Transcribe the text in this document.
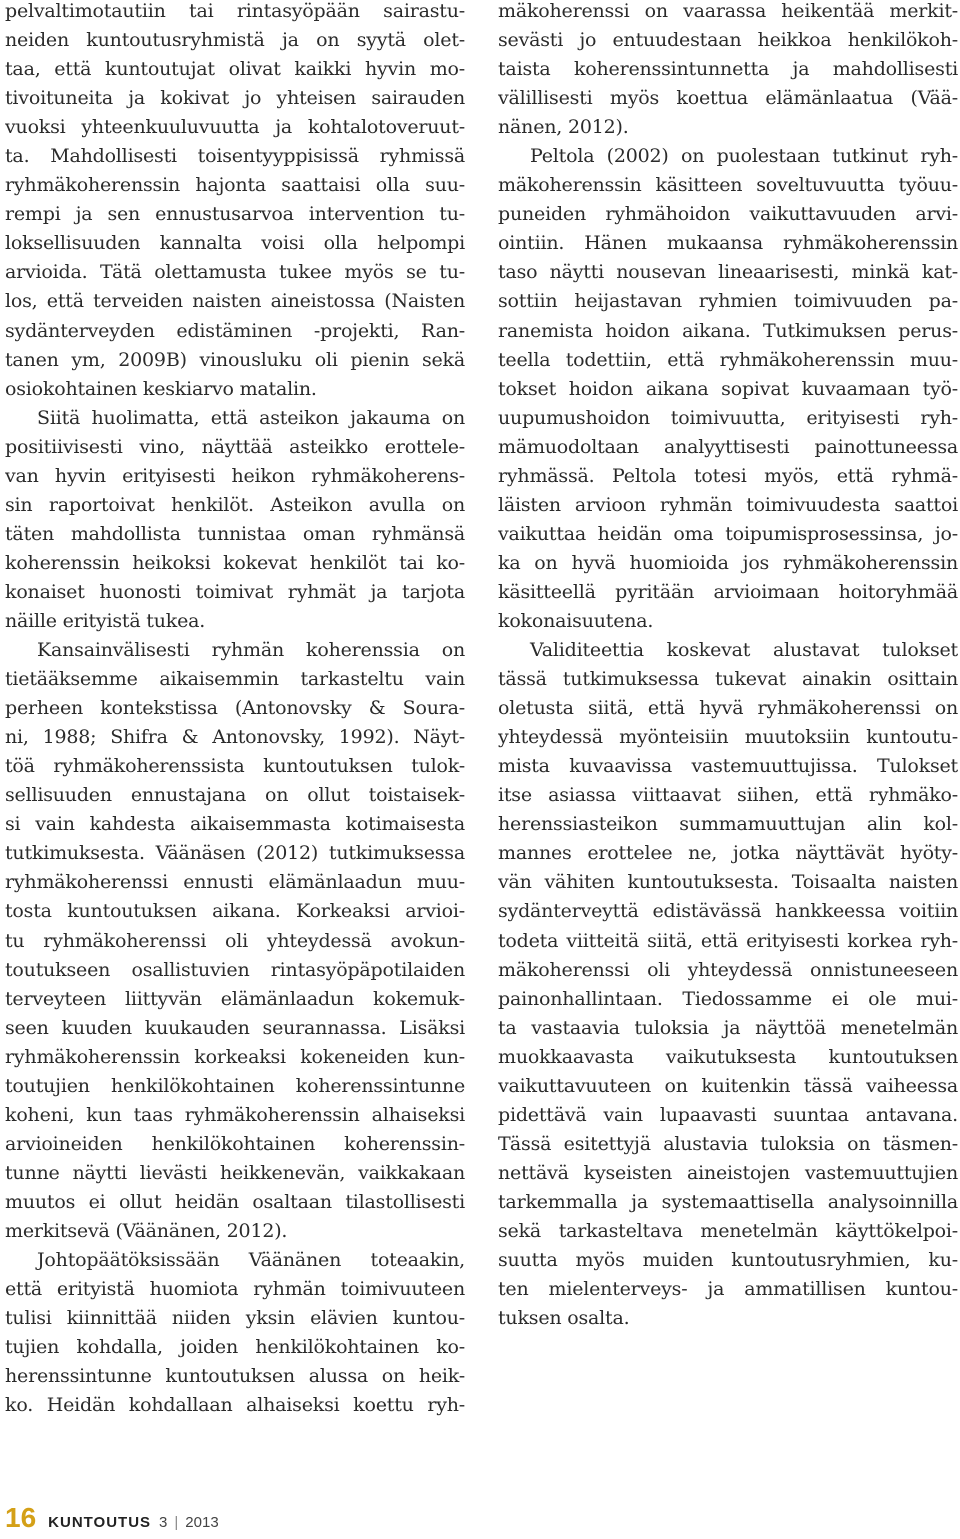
pelvaltimotautiin tai rintasyöpään sairastu-
neiden kuntoutusryhmistä ja on syytä olet-
taa, että kuntoutujat olivat kaikki hyvin mo-
tivoituneita ja kokivat jo yhteisen sairauden
vuoksi yhteenkuuluvuutta ja kohtalotoveruut-
ta. Mahdollisesti toisentyyppisissä ryhmissä
ryhmäkoherenssin hajonta saattaisi olla suu-
rempi ja sen ennustusarvoa intervention tu-
loksellisuuden kannalta voisi olla helpompi
arvioida. Tätä olettamusta tukee myös se tu-
los, että terveiden naisten aineistossa (Naisten
sydänterveyden edistäminen -projekti, Ran-
tanen ym, 2009B) vinousluku oli pienin sekä
osiokohtainen keskiarvo matalin.
Siitä huolimatta, että asteikon jakauma on
positiivisesti vino, näyttää asteikko erottele-
van hyvin erityisesti heikon ryhmäkoherens-
sin raportoivat henkilöt. Asteikon avulla on
täten mahdollista tunnistaa oman ryhmänsä
koherenssin heikoksi kokevat henkilöt tai ko-
konaiset huonosti toimivat ryhmät ja tarjota
näille erityistä tukea.
Kansainvälisesti ryhmän koherenssia on
tietääksemme aikaisemmin tarkasteltu vain
perheen kontekstissa (Antonovsky & Soura-
ni, 1988; Shifra & Antonovsky, 1992). Näyt-
töä ryhmäkoherenssista kuntoutuksen tulok-
sellisuuden ennustajana on ollut toistaisek-
si vain kahdesta aikaisemmasta kotimaisesta
tutkimuksesta. Väänäsen (2012) tutkimuksessa
ryhmäkoherenssi ennusti elämänlaadun muu-
tosta kuntoutuksen aikana. Korkeaksi arvioi-
tu ryhmäkoherenssi oli yhteydessä avokun-
toutukseen osallistuvien rintasyöpäpotilaiden
terveyteen liittyvän elämänlaadun kokemuk-
seen kuuden kuukauden seurannassa. Lisäksi
ryhmäkoherenssin korkeaksi kokeneiden kun-
toutujien henkilökohtainen koherenssintunne
koheni, kun taas ryhmäkoherenssin alhaiseksi
arvioineiden henkilökohtainen koherenssin-
tunne näytti lievästi heikkenevän, vaikkakaan
muutos ei ollut heidän osaltaan tilastollisesti
merkitsevä (Väänänen, 2012).
Johtopäätöksissään Väänänen toteaakin,
että erityistä huomiota ryhmän toimivuuteen
tulisi kiinnittää niiden yksin elävien kuntou-
tujien kohdalla, joiden henkilökohtainen ko-
herenssintunne kuntoutuksen alussa on heik-
ko. Heidän kohdallaan alhaiseksi koettu ryh-
mäkoherenssi on vaarassa heikentää merkit-
sevästi jo entuudestaan heikkoa henkilökoh-
taista koherenssintunnetta ja mahdollisesti
välillisesti myös koettua elämänlaatua (Vää-
nänen, 2012).
Peltola (2002) on puolestaan tutkinut ryh-
mäkoherenssin käsitteen soveltuvuutta työuu-
puneiden ryhmähoidon vaikuttavuuden arvi-
ointiin. Hänen mukaansa ryhmäkoherenssin
taso näytti nousevan lineaarisesti, minkä kat-
sottiin heijastavan ryhmien toimivuuden pa-
ranemista hoidon aikana. Tutkimuksen perus-
teella todettiin, että ryhmäkoherenssin muu-
tokset hoidon aikana sopivat kuvaamaan työ-
uupumushoidon toimivuutta, erityisesti ryh-
mämuodoltaan analyyttisesti painottuneessa
ryhmässä. Peltola totesi myös, että ryhmä-
läisten arvioon ryhmän toimivuudesta saattoi
vaikuttaa heidän oma toipumisprosessinsa, jo-
ka on hyvä huomioida jos ryhmäkoherenssin
käsitteellä pyritään arvioimaan hoitoryhmää
kokonaisuutena.
Validiteettia koskevat alustavat tulokset
tässä tutkimuksessa tukevat ainakin osittain
oletusta siitä, että hyvä ryhmäkoherenssi on
yhteydessä myönteisiin muutoksiin kuntoutu-
mista kuvaavissa vastemuuttujissa. Tulokset
itse asiassa viittaavat siihen, että ryhmäko-
herenssiasteikon summamuuttujan alin kol-
mannes erottelee ne, jotka näyttävät hyöty-
vän vähiten kuntoutuksesta. Toisaalta naisten
sydänterveyttä edistävässä hankkeessa voitiin
todeta viitteitä siitä, että erityisesti korkea ryh-
mäkoherenssi oli yhteydessä onnistuneeseen
painonhallintaan. Tiedossamme ei ole mui-
ta vastaavia tuloksia ja näyttöä menetelmän
muokkaavasta vaikutuksesta kuntoutuksen
vaikuttavuuteen on kuitenkin tässä vaiheessa
pidettävä vain lupaavasti suuntaa antavana.
Tässä esitettyjä alustavia tuloksia on täsmen-
nettävä kyseisten aineistojen vastemuuttujien
tarkemmalla ja systemaattisella analysoinnilla
sekä tarkasteltava menetelmän käyttökelpoi-
suutta myös muiden kuntoutusryhmien, ku-
ten mielenterveys- ja ammatillisen kuntou-
tuksen osalta.
16 KUNTOUTUS 3 | 2013
